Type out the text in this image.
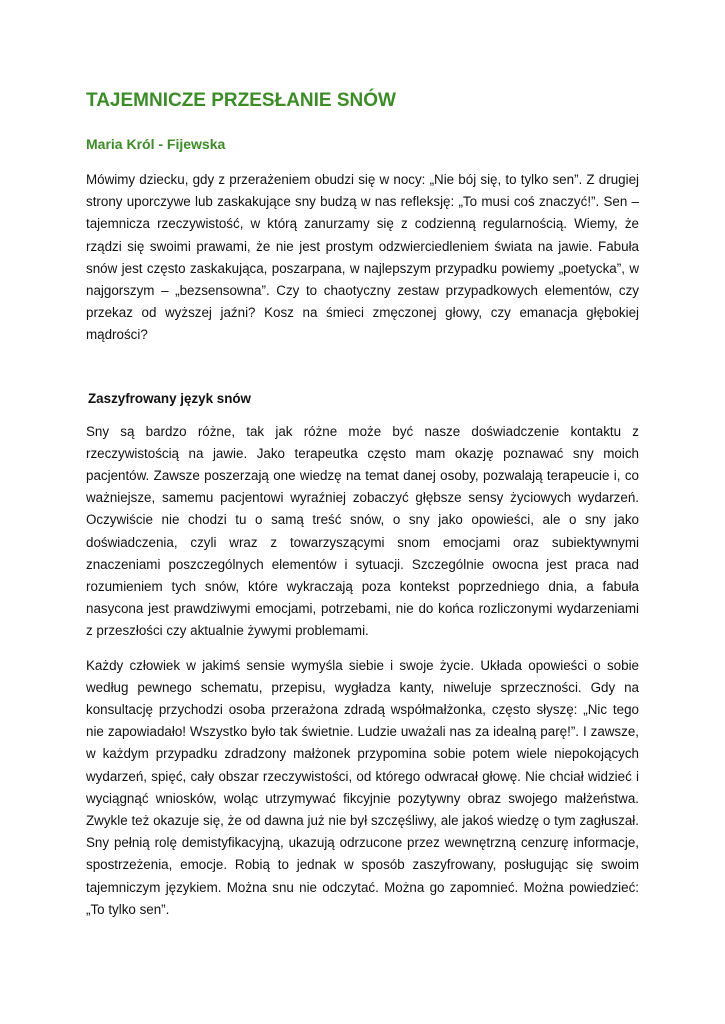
TAJEMNICZE PRZESŁANIE SNÓW
Maria Król - Fijewska

Mówimy dziecku, gdy z przerażeniem obudzi się w nocy: „Nie bój się, to tylko sen”. Z drugiej strony uporczywe lub zaskakujące sny budzą w nas refleksję: „To musi coś znaczyć!”. Sen – tajemnicza rzeczywistość, w którą zanurzamy się z codzienną regularnością. Wiemy, że rządzi się swoimi prawami, że nie jest prostym odzwierciedleniem świata na jawie. Fabuła snów jest często zaskakująca, poszarpana, w najlepszym przypadku powiemy „poetycka”, w najgorszym – „bezsensowna”. Czy to chaotyczny zestaw przypadkowych elementów, czy przekaz od wyższej jaźni? Kosz na śmieci zmęczonej głowy, czy emanacja głębokiej mądrości?

Zaszyfrowany język snów

Sny są bardzo różne, tak jak różne może być nasze doświadczenie kontaktu z rzeczywistością na jawie. Jako terapeutka często mam okazję poznawać sny moich pacjentów. Zawsze poszerzają one wiedzę na temat danej osoby, pozwalają terapeucie i, co ważniejsze, samemu pacjentowi wyraźniej zobaczyć głębsze sensy życiowych wydarzeń. Oczywiście nie chodzi tu o samą treść snów, o sny jako opowieści, ale o sny jako doświadczenia, czyli wraz z towarzyszącymi snom emocjami oraz subiektywnymi znaczeniami poszczególnych elementów i sytuacji. Szczególnie owocna jest praca nad rozumieniem tych snów, które wykraczają poza kontekst poprzedniego dnia, a fabuła nasycona jest prawdziwymi emocjami, potrzebami, nie do końca rozliczonymi wydarzeniami z przeszłości czy aktualnie żywymi problemami.

Każdy człowiek w jakimś sensie wymyśla siebie i swoje życie. Układa opowieści o sobie według pewnego schematu, przepisu, wygładza kanty, niweluje sprzeczności. Gdy na konsultację przychodzi osoba przerażona zdradą współmałżonka, często słyszę: „Nic tego nie zapowiadało! Wszystko było tak świetnie. Ludzie uważali nas za idealną parę!”. I zawsze, w każdym przypadku zdradzony małżonek przypomina sobie potem wiele niepokojących wydarzeń, spięć, cały obszar rzeczywistości, od którego odwracał głowę. Nie chciał widzieć i wyciągnąć wniosków, woląc utrzymywać fikcyjnie pozytywny obraz swojego małżeństwa. Zwykle też okazuje się, że od dawna już nie był szczęśliwy, ale jakoś wiedzę o tym zagłuszał. Sny pełnią rolę demistyfikacyjną, ukazują odrzucone przez wewnętrzną cenzurę informacje, spostrzeżenia, emocje. Robią to jednak w sposób zaszyfrowany, posługując się swoim tajemniczym językiem. Można snu nie odczytać. Można go zapomnieć. Można powiedzieć: „To tylko sen”.
